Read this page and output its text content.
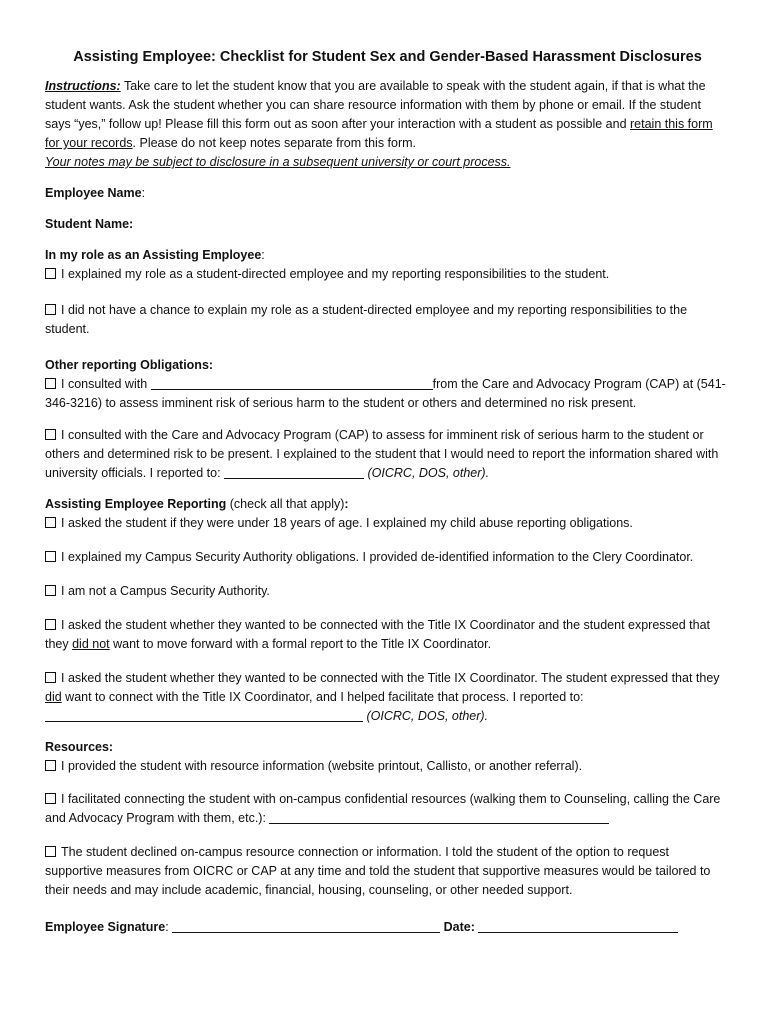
Assisting Employee: Checklist for Student Sex and Gender-Based Harassment Disclosures

Instructions: Take care to let the student know that you are available to speak with the student again, if that is what the student wants. Ask the student whether you can share resource information with them by phone or email. If the student says “yes,” follow up! Please fill this form out as soon after your interaction with a student as possible and retain this form for your records. Please do not keep notes separate from this form.
Your notes may be subject to disclosure in a subsequent university or court process.

Employee Name:

Student Name:

In my role as an Assisting Employee:

I explained my role as a student-directed employee and my reporting responsibilities to the student.

I did not have a chance to explain my role as a student-directed employee and my reporting responsibilities to the student.

Other reporting Obligations:

I consulted with	from the Care and Advocacy Program (CAP) at (541-346-3216) to assess imminent risk of serious harm to the student or others and determined no risk present.

I consulted with the Care and Advocacy Program (CAP) to assess for imminent risk of serious harm to the student or others and determined risk to be present. I explained to the student that I would need to report the information shared with university officials. I reported to:	(OICRC, DOS, other).

Assisting Employee Reporting (check all that apply):

I asked the student if they were under 18 years of age. I explained my child abuse reporting obligations.

I explained my Campus Security Authority obligations. I provided de-identified information to the Clery Coordinator.

I am not a Campus Security Authority.

I asked the student whether they wanted to be connected with the Title IX Coordinator and the student expressed that they did not want to move forward with a formal report to the Title IX Coordinator.

I asked the student whether they wanted to be connected with the Title IX Coordinator. The student expressed that they did want to connect with the Title IX Coordinator, and I helped facilitate that process. I reported to:
(OICRC, DOS, other).

Resources:

I provided the student with resource information (website printout, Callisto, or another referral).

I facilitated connecting the student with on-campus confidential resources (walking them to Counseling, calling the Care and Advocacy Program with them, etc.):

The student declined on-campus resource connection or information. I told the student of the option to request supportive measures from OICRC or CAP at any time and told the student that supportive measures would be tailored to their needs and may include academic, financial, housing, counseling, or other needed support.

Employee Signature:	Date:
